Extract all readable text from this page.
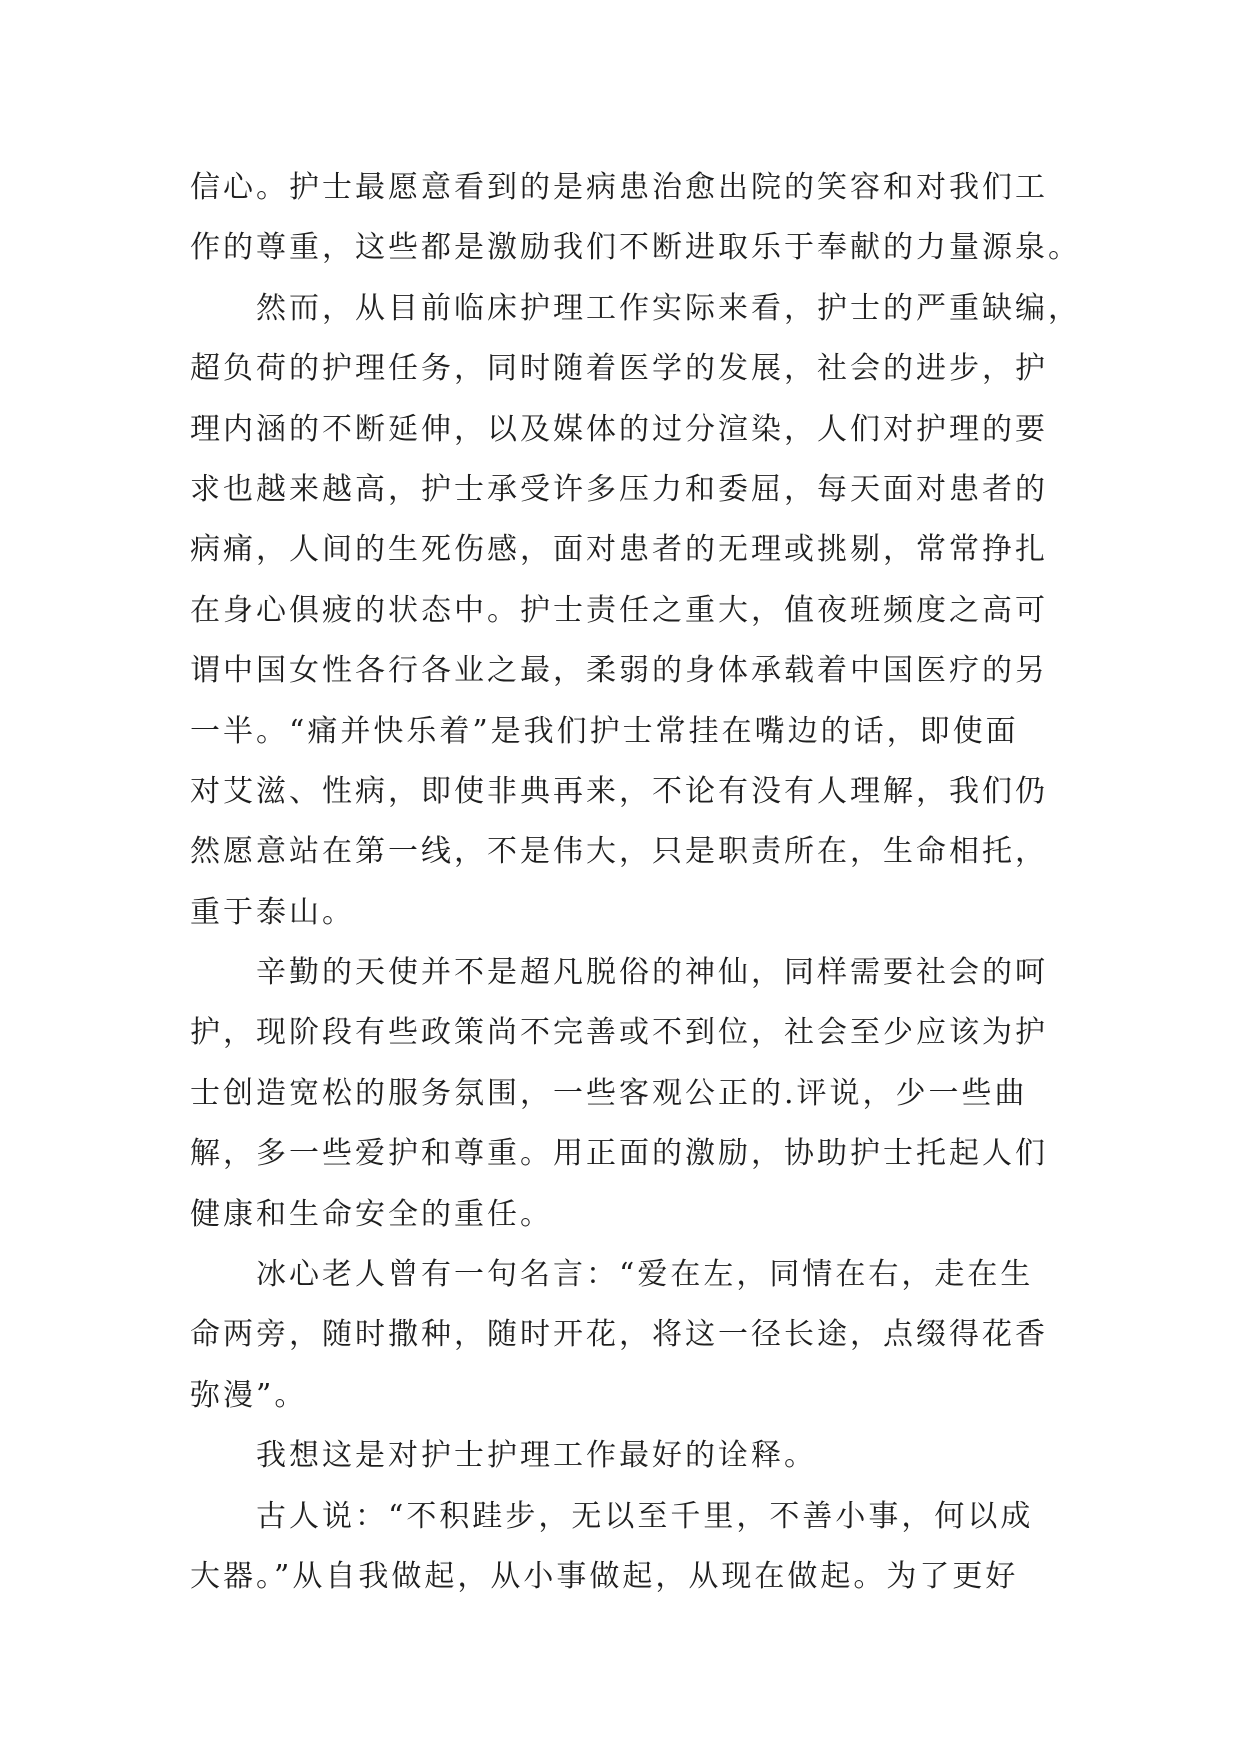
信心。护士最愿意看到的是病患治愈出院的笑容和对我们工
作的尊重，这些都是激励我们不断进取乐于奉献的力量源泉。
然而，从目前临床护理工作实际来看，护士的严重缺编，
超负荷的护理任务，同时随着医学的发展，社会的进步，护
理内涵的不断延伸，以及媒体的过分渲染，人们对护理的要
求也越来越高，护士承受许多压力和委屈，每天面对患者的
病痛，人间的生死伤感，面对患者的无理或挑剔，常常挣扎
在身心俱疲的状态中。护士责任之重大，值夜班频度之高可
谓中国女性各行各业之最，柔弱的身体承载着中国医疗的另
一半。“痛并快乐着”是我们护士常挂在嘴边的话，即使面
对艾滋、性病，即使非典再来，不论有没有人理解，我们仍
然愿意站在第一线，不是伟大，只是职责所在，生命相托，
重于泰山。
辛勤的天使并不是超凡脱俗的神仙，同样需要社会的呵
护，现阶段有些政策尚不完善或不到位，社会至少应该为护
士创造宽松的服务氛围，一些客观公正的.评说，少一些曲
解，多一些爱护和尊重。用正面的激励，协助护士托起人们
健康和生命安全的重任。
冰心老人曾有一句名言：“爱在左，同情在右，走在生
命两旁，随时撒种，随时开花，将这一径长途，点缀得花香
弥漫”。
我想这是对护士护理工作最好的诠释。
古人说：“不积跬步，无以至千里，不善小事，何以成
大器。”从自我做起，从小事做起，从现在做起。为了更好
